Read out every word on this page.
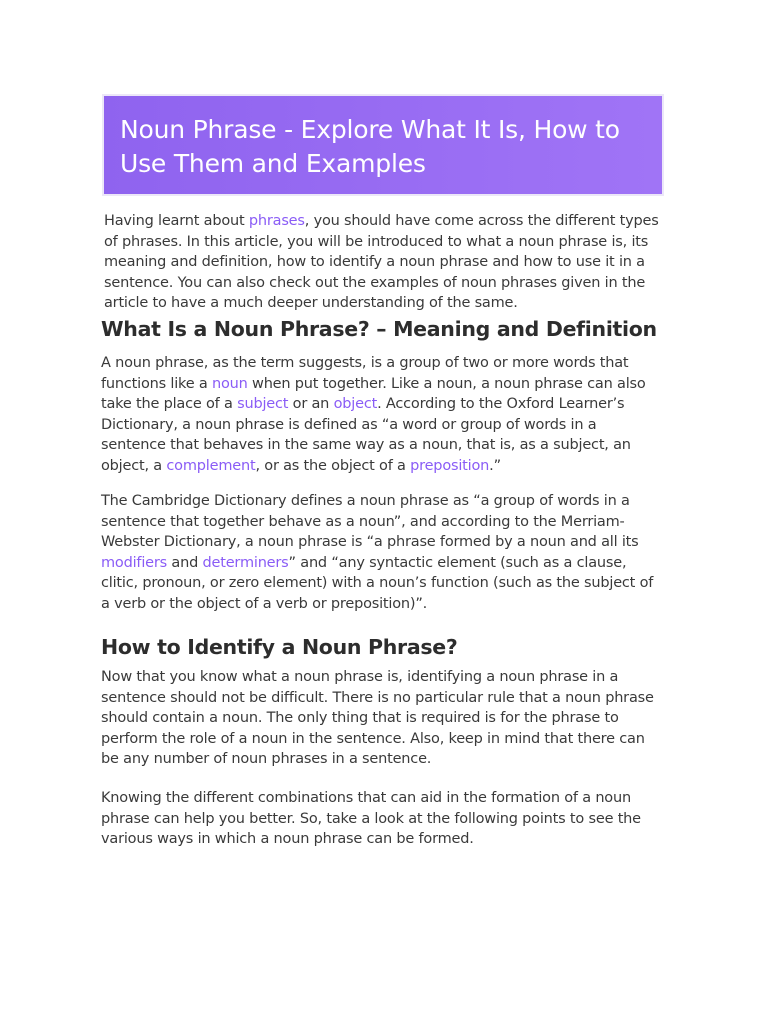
Noun Phrase - Explore What It Is, How to Use Them and Examples

Having learnt about phrases, you should have come across the different types of phrases. In this article, you will be introduced to what a noun phrase is, its meaning and definition, how to identify a noun phrase and how to use it in a sentence. You can also check out the examples of noun phrases given in the article to have a much deeper understanding of the same.

What Is a Noun Phrase? – Meaning and Definition

A noun phrase, as the term suggests, is a group of two or more words that functions like a noun when put together. Like a noun, a noun phrase can also take the place of a subject or an object. According to the Oxford Learner’s Dictionary, a noun phrase is defined as “a word or group of words in a sentence that behaves in the same way as a noun, that is, as a subject, an object, a complement, or as the object of a preposition.”

The Cambridge Dictionary defines a noun phrase as “a group of words in a sentence that together behave as a noun”, and according to the Merriam-Webster Dictionary, a noun phrase is “a phrase formed by a noun and all its modifiers and determiners” and “any syntactic element (such as a clause, clitic, pronoun, or zero element) with a noun’s function (such as the subject of a verb or the object of a verb or preposition)”.

How to Identify a Noun Phrase?

Now that you know what a noun phrase is, identifying a noun phrase in a sentence should not be difficult. There is no particular rule that a noun phrase should contain a noun. The only thing that is required is for the phrase to perform the role of a noun in the sentence. Also, keep in mind that there can be any number of noun phrases in a sentence.

Knowing the different combinations that can aid in the formation of a noun phrase can help you better. So, take a look at the following points to see the various ways in which a noun phrase can be formed.
